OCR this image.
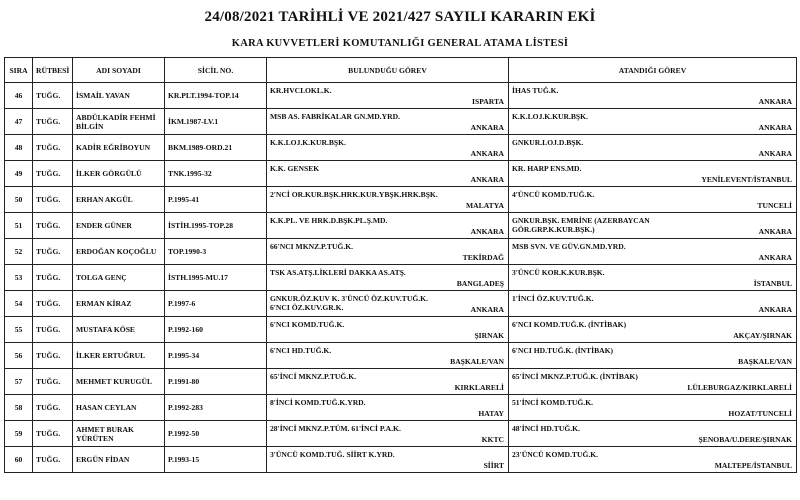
24/08/2021 TARİHLİ VE 2021/427 SAYILI KARARIN EKİ
KARA KUVVETLERİ KOMUTANLIĞI GENERAL ATAMA LİSTESİ
SIRA	RÜTBESİ	ADI SOYADI	SİCİL NO.	BULUNDUĞU GÖREV	ATANDIĞI GÖREV
46	TUĞG.	İSMAİL YAVAN	KR.PLT.1994-TOP.14	KR.HVCI.OKL.K.
ISPARTA	İHAS TUĞ.K.
ANKARA

47	TUĞG.	ABDÜLKADİR FEHMİ
BİLGİN	İKM.1987-LV.1	MSB AS. FABRİKALAR GN.MD.YRD.
ANKARA	K.K.LOJ.K.KUR.BŞK.
ANKARA

48	TUĞG.	KADİR EĞRİBOYUN	BKM.1989-ORD.21	K.K.LOJ.K.KUR.BŞK.
ANKARA	GNKUR.LOJ.D.BŞK.
ANKARA

49	TUĞG.	İLKER GÖRGÜLÜ	TNK.1995-32	K.K. GENSEK
ANKARA	KR. HARP ENS.MD.
YENİLEVENT/İSTANBUL

50	TUĞG.	ERHAN AKGÜL	P.1995-41	2'NCİ OR.KUR.BŞK.HRK.KUR.YBŞK.HRK.BŞK.
MALATYA	4'ÜNCÜ KOMD.TUĞ.K.
TUNCELİ

51	TUĞG.	ENDER GÜNER	İSTİH.1995-TOP.28	K.K.PL. VE HRK.D.BŞK.PL.Ş.MD.
ANKARA	GNKUR.BŞK. EMRİNE (AZERBAYCAN
GÖR.GRP.K.KUR.BŞK.) ANKARA

52	TUĞG.	ERDOĞAN KOÇOĞLU	TOP.1990-3	66'NCI MKNZ.P.TUĞ.K.
TEKİRDAĞ	MSB SVN. VE GÜV.GN.MD.YRD.
ANKARA

53	TUĞG.	TOLGA GENÇ	İSTH.1995-MU.17	TSK AS.ATŞ.LİKLERİ DAKKA AS.ATŞ.
BANGLADEŞ	3'ÜNCÜ KOR.K.KUR.BŞK.
İSTANBUL

54	TUĞG.	ERMAN KİRAZ	P.1997-6	GNKUR.ÖZ.KUV K. 3'ÜNCÜ ÖZ.KUV.TUĞ.K.
6'NCI ÖZ.KUV.GR.K. ANKARA	1'İNCİ ÖZ.KUV.TUĞ.K.
ANKARA

55	TUĞG.	MUSTAFA KÖSE	P.1992-160	6'NCI KOMD.TUĞ.K.
ŞIRNAK	6'NCI KOMD.TUĞ.K. (İNTİBAK)
AKÇAY/ŞIRNAK

56	TUĞG.	İLKER ERTUĞRUL	P.1995-34	6'NCI HD.TUĞ.K.
BAŞKALE/VAN	6'NCI HD.TUĞ.K. (İNTİBAK)
BAŞKALE/VAN

57	TUĞG.	MEHMET KURUGÜL	P.1991-80	65'İNCİ MKNZ.P.TUĞ.K.
KIRKLARELİ	65'İNCİ MKNZ.P.TUĞ.K. (İNTİBAK)
LÜLEBURGAZ/KIRKLARELİ

58	TUĞG.	HASAN CEYLAN	P.1992-283	8'İNCİ KOMD.TUĞ.K.YRD.
HATAY	51'İNCİ KOMD.TUĞ.K.
HOZAT/TUNCELİ

59	TUĞG.	AHMET BURAK
YÜRÜTEN	P.1992-50	28'İNCİ MKNZ.P.TÜM. 61'İNCİ P.A.K.
KKTC	48'İNCİ HD.TUĞ.K.
ŞENOBA/U.DERE/ŞIRNAK

60	TUĞG.	ERGÜN FİDAN	P.1993-15	3'ÜNCÜ KOMD.TUĞ. SİİRT K.YRD.
SİİRT	23'ÜNCÜ KOMD.TUĞ.K.
MALTEPE/İSTANBUL
